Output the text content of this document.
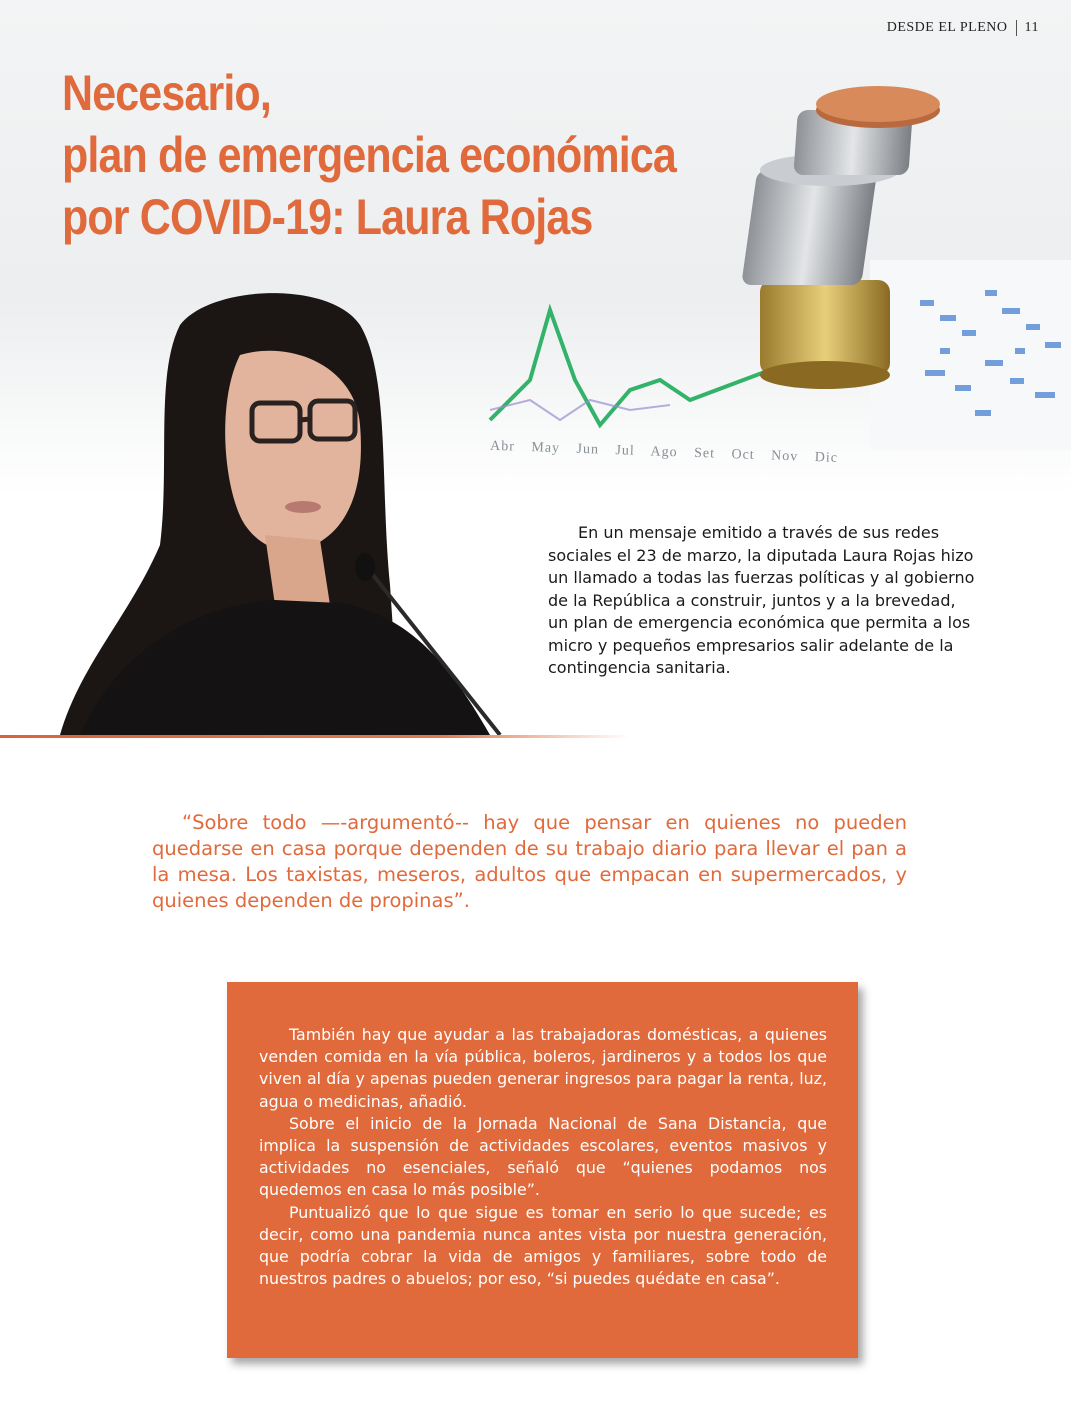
DESDE EL PLENO 11
Abr May Jun Jul Ago Set Oct Nov Dic
Necesario,
plan de emergencia económica
por COVID-19: Laura Rojas

En un mensaje emitido a través de sus redes sociales el 23 de marzo, la diputada Laura Rojas hizo un llamado a todas las fuerzas políticas y al gobierno de la República a construir, juntos y a la brevedad, un plan de emergencia económica que permita a los micro y pequeños empresarios salir adelante de la contingencia sanitaria.

“Sobre todo —-argumentó-- hay que pensar en quienes no pueden quedarse en casa porque dependen de su trabajo diario para llevar el pan a la mesa. Los taxistas, meseros, adultos que empacan en supermercados, y quienes dependen de propinas”.

También hay que ayudar a las trabajadoras domésticas, a quienes venden comida en la vía pública, boleros, jardineros y a todos los que viven al día y apenas pueden generar ingresos para pagar la renta, luz, agua o medicinas, añadió.

Sobre el inicio de la Jornada Nacional de Sana Distancia, que implica la suspensión de actividades escolares, eventos masivos y actividades no esenciales, señaló que “quienes podamos nos quedemos en casa lo más posible”.

Puntualizó que lo que sigue es tomar en serio lo que sucede; es decir, como una pandemia nunca antes vista por nuestra generación, que podría cobrar la vida de amigos y familiares, sobre todo de nuestros padres o abuelos; por eso, “si puedes quédate en casa”.
